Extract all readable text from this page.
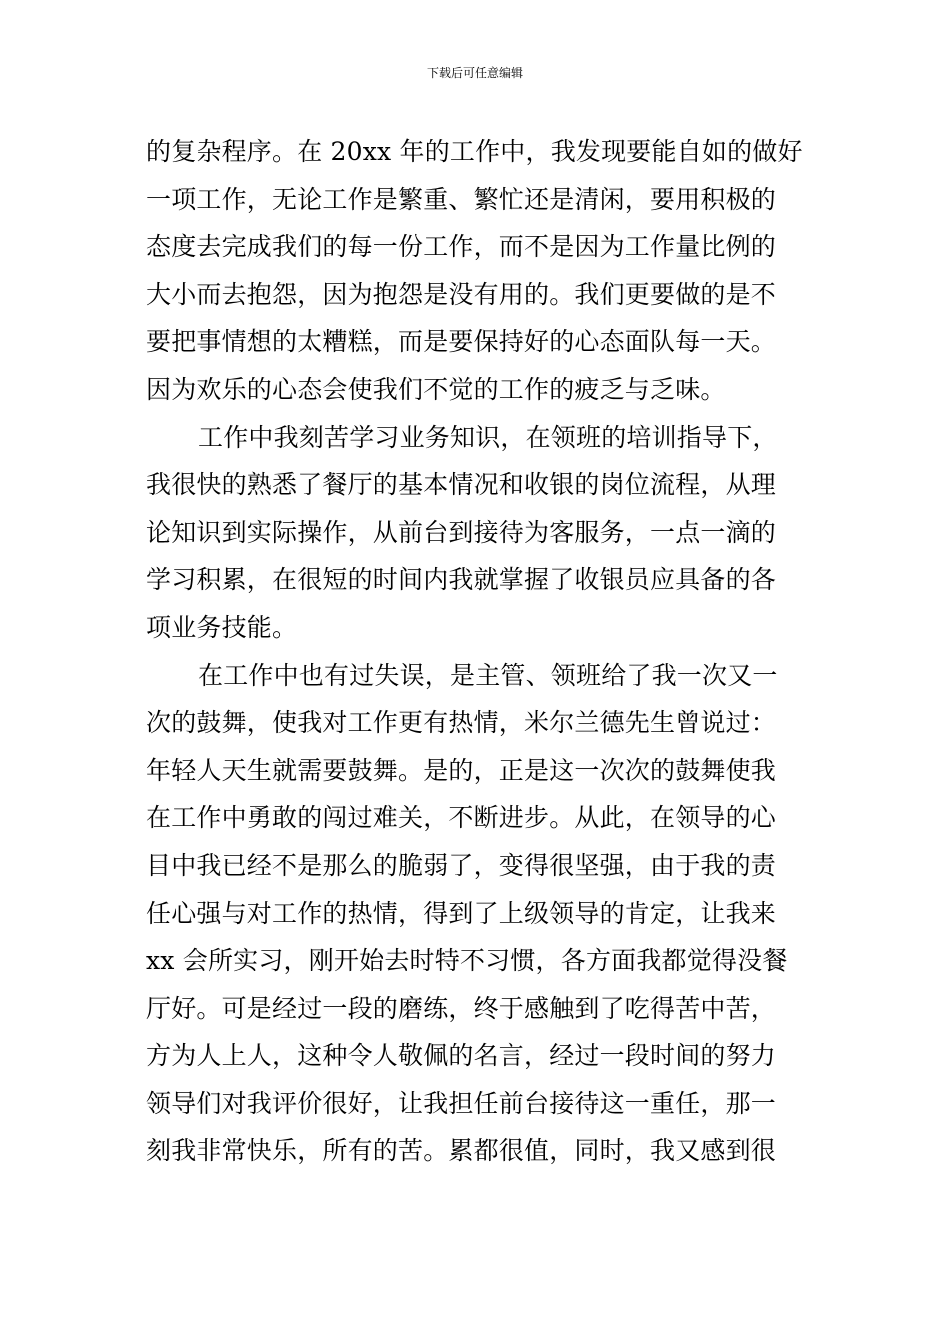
下载后可任意编辑
的复杂程序。在 20xx 年的工作中，我发现要能自如的做好
一项工作，无论工作是繁重、繁忙还是清闲，要用积极的
态度去完成我们的每一份工作，而不是因为工作量比例的
大小而去抱怨，因为抱怨是没有用的。我们更要做的是不
要把事情想的太糟糕，而是要保持好的心态面队每一天。
因为欢乐的心态会使我们不觉的工作的疲乏与乏味。
工作中我刻苦学习业务知识，在领班的培训指导下，
我很快的熟悉了餐厅的基本情况和收银的岗位流程，从理
论知识到实际操作，从前台到接待为客服务，一点一滴的
学习积累，在很短的时间内我就掌握了收银员应具备的各
项业务技能。
在工作中也有过失误，是主管、领班给了我一次又一
次的鼓舞，使我对工作更有热情，米尔兰德先生曾说过：
年轻人天生就需要鼓舞。是的，正是这一次次的鼓舞使我
在工作中勇敢的闯过难关，不断进步。从此，在领导的心
目中我已经不是那么的脆弱了，变得很坚强，由于我的责
任心强与对工作的热情，得到了上级领导的肯定，让我来
xx 会所实习，刚开始去时特不习惯，各方面我都觉得没餐
厅好。可是经过一段的磨练，终于感触到了吃得苦中苦，
方为人上人，这种令人敬佩的名言，经过一段时间的努力
领导们对我评价很好，让我担任前台接待这一重任，那一
刻我非常快乐，所有的苦。累都很值，同时，我又感到很
